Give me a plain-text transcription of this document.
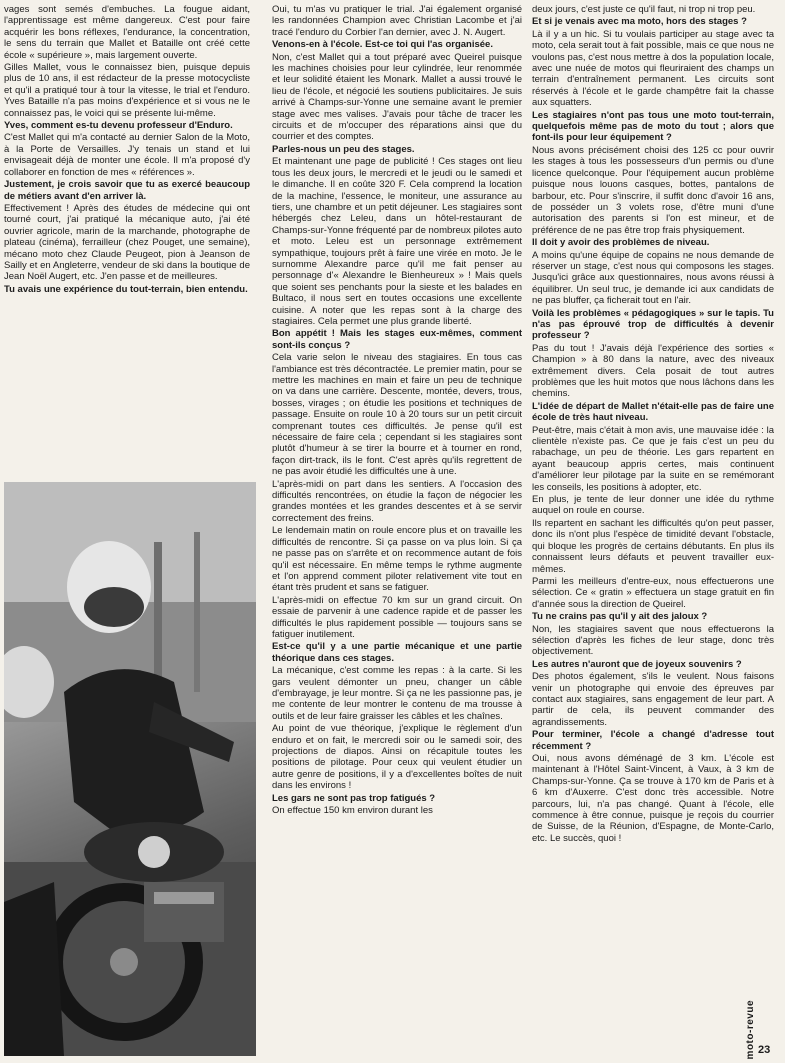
vages sont semés d'embuches. La fougue aidant, l'apprentissage est même dangereux. C'est pour faire acquérir les bons réflexes, l'endurance, la concentration, le sens du terrain que Mallet et Bataille ont créé cette école « supérieure », mais largement ouverte.

Gilles Mallet, vous le connaissez bien, puisque depuis plus de 10 ans, il est rédacteur de la presse motocycliste et qu'il a pratiqué tour à tour la vitesse, le trial et l'enduro. Yves Bataille n'a pas moins d'expérience et si vous ne le connaissez pas, le voici qui se présente lui-même.

Yves, comment es-tu devenu professeur d'Enduro.

C'est Mallet qui m'a contacté au dernier Salon de la Moto, à la Porte de Versailles. J'y tenais un stand et lui envisageait déjà de monter une école. Il m'a proposé d'y collaborer en fonction de mes « références ».

Justement, je crois savoir que tu as exercé beaucoup de métiers avant d'en arriver là.

Effectivement ! Après des études de médecine qui ont tourné court, j'ai pratiqué la mécanique auto, j'ai été ouvrier agricole, marin de la marchande, photographe de plateau (cinéma), ferrailleur (chez Pouget, une semaine), mécano moto chez Claude Peugeot, pion à Jeanson de Sailly et en Angleterre, vendeur de ski dans la boutique de Jean Noël Augert, etc. J'en passe et de meilleures.

Tu avais une expérience du tout-terrain, bien entendu.

Oui, tu m'as vu pratiquer le trial. J'ai également organisé les randonnées Champion avec Christian Lacombe et j'ai tracé l'enduro du Corbier l'an dernier, avec J. N. Augert.

Venons-en à l'école. Est-ce toi qui l'as organisée.

Non, c'est Mallet qui a tout préparé avec Queirel puisque les machines choisies pour leur cylindrée, leur renommée et leur solidité étaient les Monark. Mallet a aussi trouvé le lieu de l'école, et négocié les soutiens publicitaires. Je suis arrivé à Champs-sur-Yonne une semaine avant le premier stage avec mes valises. J'avais pour tâche de tracer les circuits et de m'occuper des réparations ainsi que du courrier et des comptes.

Parles-nous un peu des stages.

Et maintenant une page de publicité ! Ces stages ont lieu tous les deux jours, le mercredi et le jeudi ou le samedi et le dimanche. Il en coûte 320 F. Cela comprend la location de la machine, l'essence, le moniteur, une assurance au tiers, une chambre et un petit déjeuner. Les stagiaires sont hébergés chez Leleu, dans un hôtel-restaurant de Champs-sur-Yonne fréquenté par de nombreux pilotes auto et moto. Leleu est un personnage extrêmement sympathique, toujours prêt à faire une virée en moto. Je le surnomme Alexandre parce qu'il me fait penser au personnage d'« Alexandre le Bienheureux » ! Mais quels que soient ses penchants pour la sieste et les balades en Bultaco, il nous sert en toutes occasions une excellente cuisine. A noter que les repas sont à la charge des stagiaires. Cela permet une plus grande liberté.

Bon appétit ! Mais les stages eux-mêmes, comment sont-ils conçus ?

Cela varie selon le niveau des stagiaires. En tous cas l'ambiance est très décontractée. Le premier matin, pour se mettre les machines en main et faire un peu de technique on va dans une carrière. Descente, montée, devers, trous, bosses, virages ; on étudie les positions et techniques de passage. Ensuite on roule 10 à 20 tours sur un petit circuit comprenant toutes ces difficultés. Je pense qu'il est nécessaire de faire cela ; cependant si les stagiaires sont plutôt d'humeur à se tirer la bourre et à tourner en rond, façon dirt-track, ils le font. C'est après qu'ils regrettent de ne pas avoir étudié les difficultés une à une.

L'après-midi on part dans les sentiers. A l'occasion des difficultés rencontrées, on étudie la façon de négocier les grandes montées et les grandes descentes et à se servir correctement des freins.

Le lendemain matin on roule encore plus et on travaille les difficultés de rencontre. Si ça passe on va plus loin. Si ça ne passe pas on s'arrête et on recommence autant de fois qu'il est nécessaire. En même temps le rythme augmente et l'on apprend comment piloter relativement vite tout en étant très prudent et sans se fatiguer.

L'après-midi on effectue 70 km sur un grand circuit. On essaie de parvenir à une cadence rapide et de passer les difficultés le plus rapidement possible — toujours sans se fatiguer inutilement.

Est-ce qu'il y a une partie mécanique et une partie théorique dans ces stages.

La mécanique, c'est comme les repas : à la carte. Si les gars veulent démonter un pneu, changer un câble d'embrayage, je leur montre. Si ça ne les passionne pas, je me contente de leur montrer le contenu de ma trousse à outils et de leur faire graisser les câbles et les chaînes.

Au point de vue théorique, j'explique le règlement d'un enduro et on fait, le mercredi soir ou le samedi soir, des projections de diapos. Ainsi on récapitule toutes les positions de pilotage. Pour ceux qui veulent étudier un autre genre de positions, il y a d'excellentes boîtes de nuit dans les environs !

Les gars ne sont pas trop fatigués ?

On effectue 150 km environ durant les

deux jours, c'est juste ce qu'il faut, ni trop ni trop peu.

Et si je venais avec ma moto, hors des stages ?

Là il y a un hic. Si tu voulais participer au stage avec ta moto, cela serait tout à fait possible, mais ce que nous ne voulons pas, c'est nous mettre à dos la population locale, avec une nuée de motos qui fleuriraient des champs un terrain d'entraînement permanent. Les circuits sont réservés à l'école et le garde champêtre fait la chasse aux squatters.

Les stagiaires n'ont pas tous une moto tout-terrain, quelquefois même pas de moto du tout ; alors que font-ils pour leur équipement ?

Nous avons précisément choisi des 125 cc pour ouvrir les stages à tous les possesseurs d'un permis ou d'une licence quelconque. Pour l'équipement aucun problème puisque nous louons casques, bottes, pantalons de barbour, etc. Pour s'inscrire, il suffit donc d'avoir 16 ans, de posséder un 3 volets rose, d'être muni d'une autorisation des parents si l'on est mineur, et de préférence de ne pas être trop frais physiquement.

Il doit y avoir des problèmes de niveau.

A moins qu'une équipe de copains ne nous demande de réserver un stage, c'est nous qui composons les stages. Jusqu'ici grâce aux questionnaires, nous avons réussi à équilibrer. Un seul truc, je demande ici aux candidats de ne pas bluffer, ça ficherait tout en l'air.

Voilà les problèmes « pédagogiques » sur le tapis. Tu n'as pas éprouvé trop de difficultés à devenir professeur ?

Pas du tout ! J'avais déjà l'expérience des sorties « Champion » à 80 dans la nature, avec des niveaux extrêmement divers. Cela posait de tout autres problèmes que les huit motos que nous lâchons dans les chemins.

L'idée de départ de Mallet n'était-elle pas de faire une école de très haut niveau.

Peut-être, mais c'était à mon avis, une mauvaise idée : la clientèle n'existe pas. Ce que je fais c'est un peu du rabachage, un peu de théorie. Les gars repartent en ayant beaucoup appris certes, mais continuent d'améliorer leur pilotage par la suite en se remémorant les conseils, les positions à adopter, etc.

En plus, je tente de leur donner une idée du rythme auquel on roule en course.

Ils repartent en sachant les difficultés qu'on peut passer, donc ils n'ont plus l'espèce de timidité devant l'obstacle, qui bloque les progrès de certains débutants. En plus ils connaissent leurs défauts et peuvent travailler eux-mêmes.

Parmi les meilleurs d'entre-eux, nous effectuerons une sélection. Ce « gratin » effectuera un stage gratuit en fin d'année sous la direction de Queirel.

Tu ne crains pas qu'il y ait des jaloux ?

Non, les stagiaires savent que nous effectuerons la sélection d'après les fiches de leur stage, donc très objectivement.

Les autres n'auront que de joyeux souvenirs ?

Des photos également, s'ils le veulent. Nous faisons venir un photographe qui envoie des épreuves par contact aux stagiaires, sans engagement de leur part. A partir de cela, ils peuvent commander des agrandissements.

Pour terminer, l'école a changé d'adresse tout récemment ?

Oui, nous avons déménagé de 3 km. L'école est maintenant à l'Hôtel Saint-Vincent, à Vaux, à 3 km de Champs-sur-Yonne. Ça se trouve à 170 km de Paris et à 6 km d'Auxerre. C'est donc très accessible. Notre parcours, lui, n'a pas changé. Quant à l'école, elle commence à être connue, puisque je reçois du courrier de Suisse, de la Réunion, d'Espagne, de Monte-Carlo, etc. Le succès, quoi !

moto-revue 23
